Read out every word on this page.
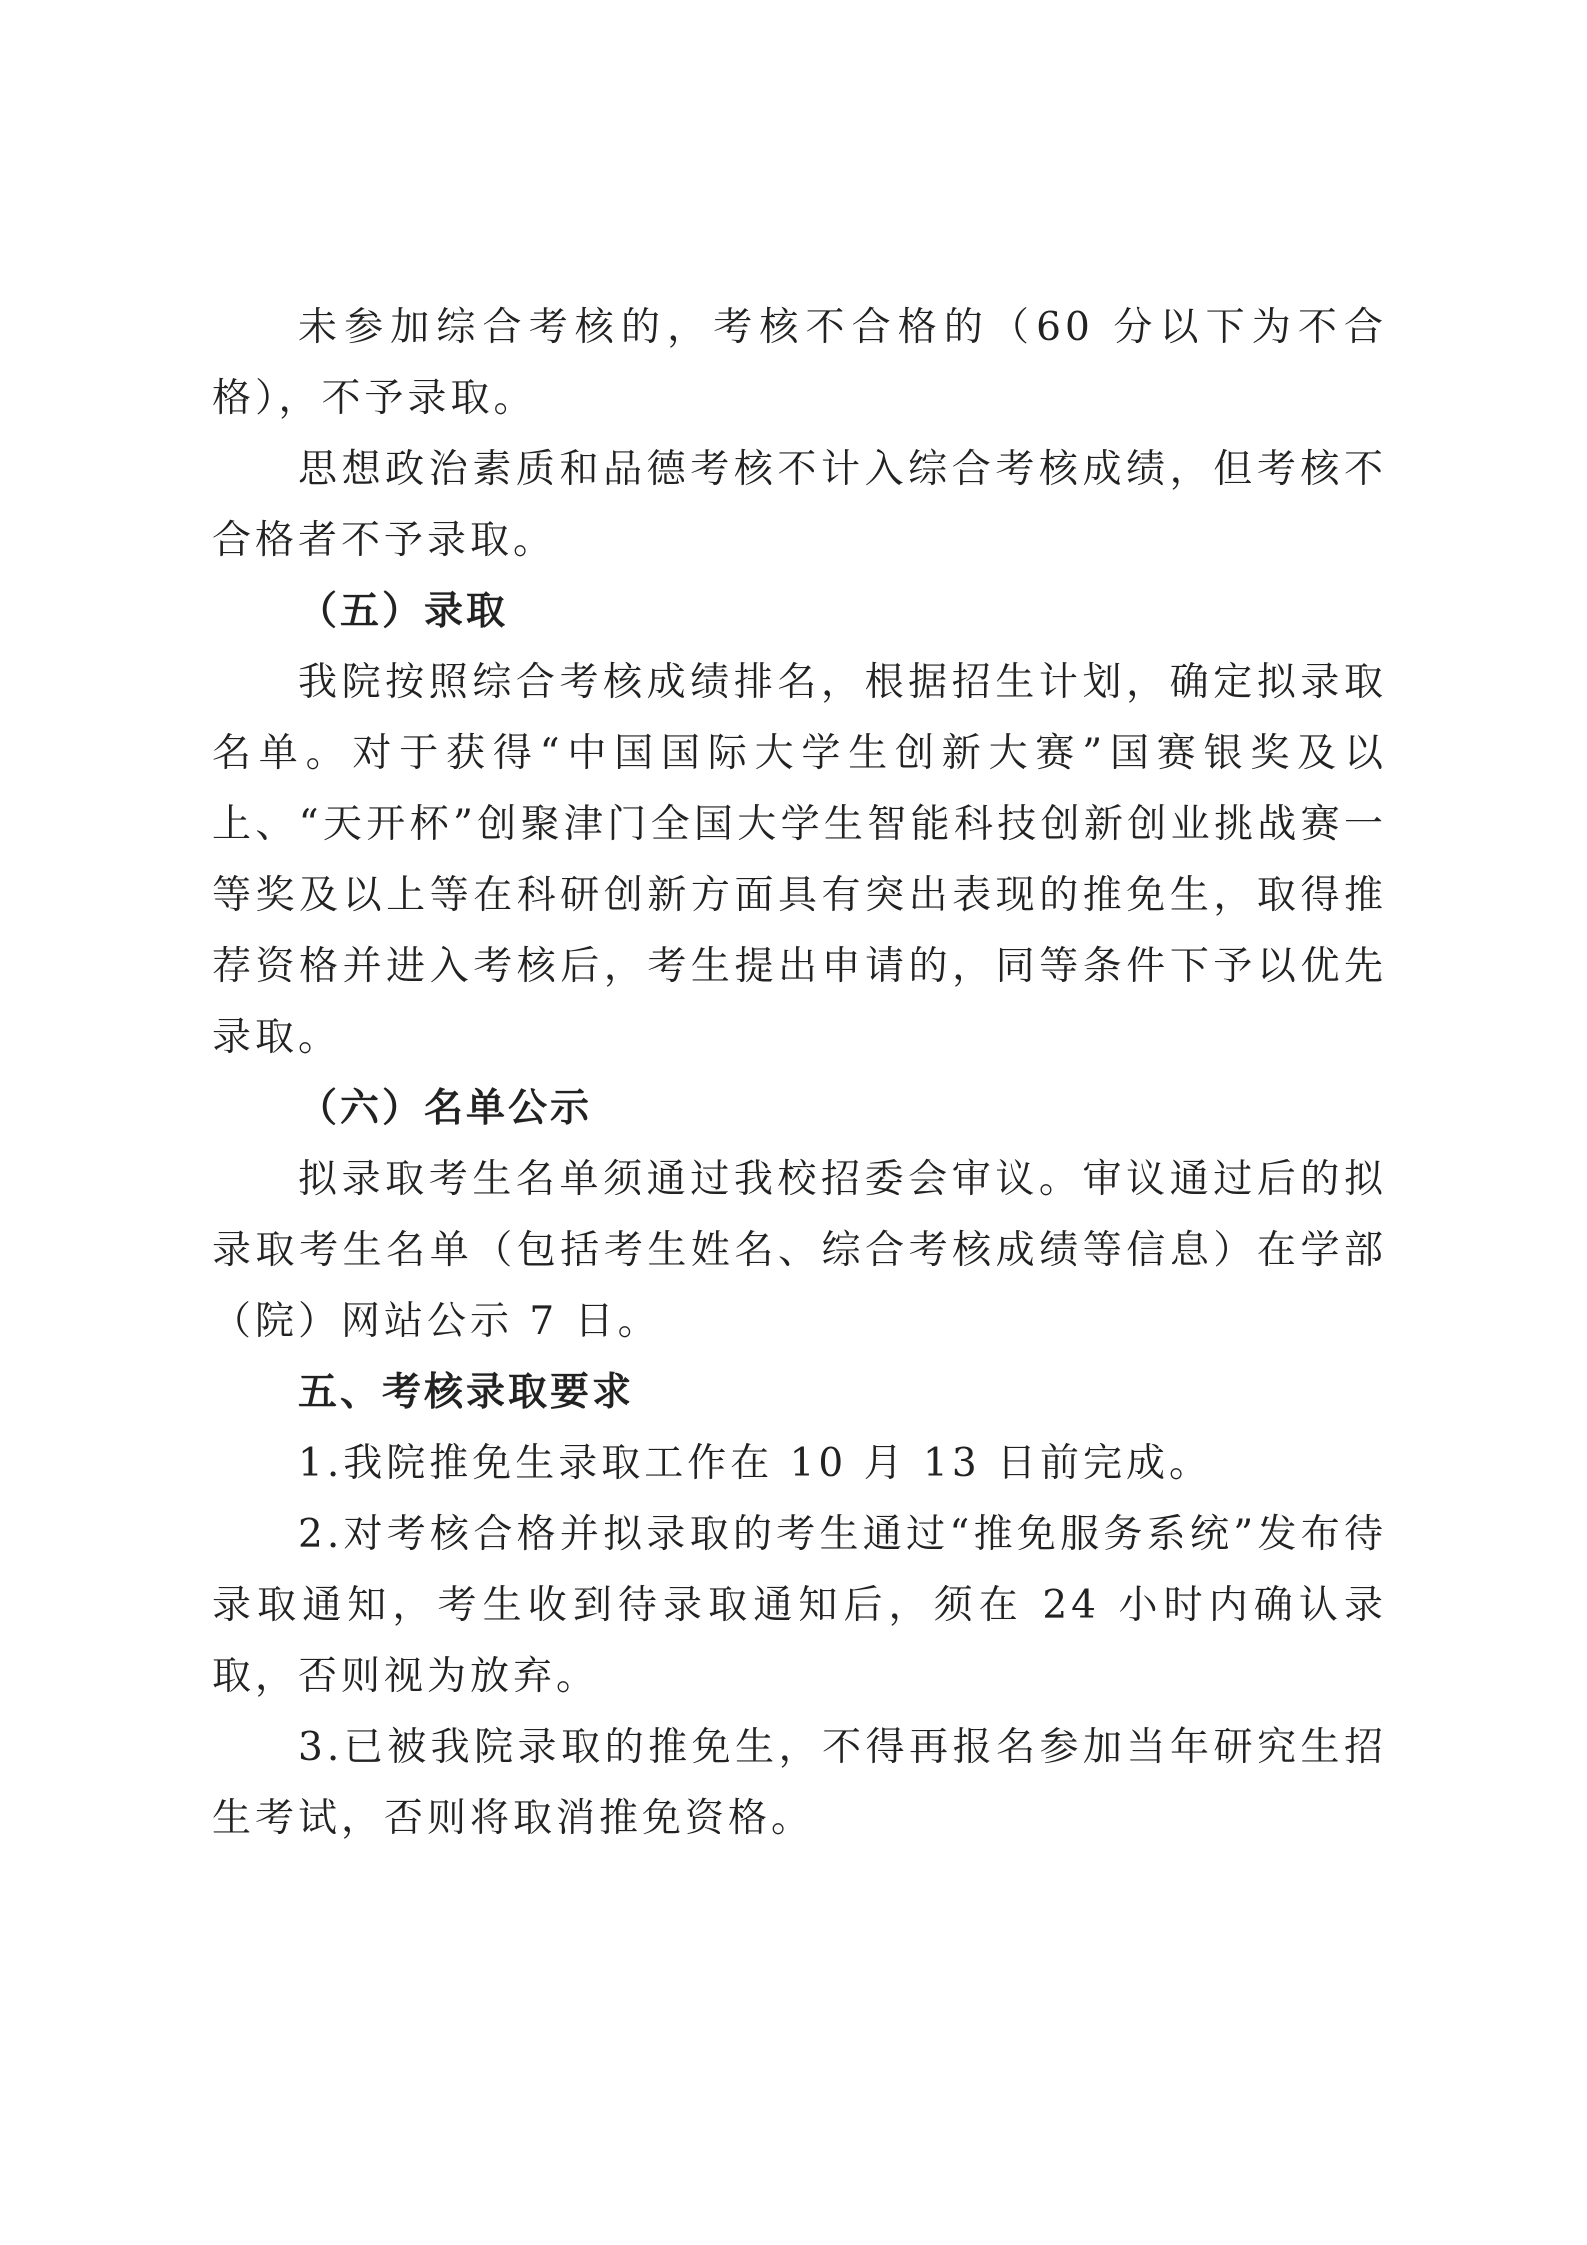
未参加综合考核的，考核不合格的（60 分以下为不合格），不予录取。

思想政治素质和品德考核不计入综合考核成绩，但考核不合格者不予录取。

（五）录取

我院按照综合考核成绩排名，根据招生计划，确定拟录取名单。对于获得“中国国际大学生创新大赛”国赛银奖及以上、“天开杯”创聚津门全国大学生智能科技创新创业挑战赛一等奖及以上等在科研创新方面具有突出表现的推免生，取得推荐资格并进入考核后，考生提出申请的，同等条件下予以优先录取。

（六）名单公示

拟录取考生名单须通过我校招委会审议。审议通过后的拟录取考生名单（包括考生姓名、综合考核成绩等信息）在学部（院）网站公示 7 日。

五、考核录取要求

1.我院推免生录取工作在 10 月 13 日前完成。

2.对考核合格并拟录取的考生通过“推免服务系统”发布待录取通知，考生收到待录取通知后，须在 24 小时内确认录取，否则视为放弃。

3.已被我院录取的推免生，不得再报名参加当年研究生招生考试，否则将取消推免资格。
